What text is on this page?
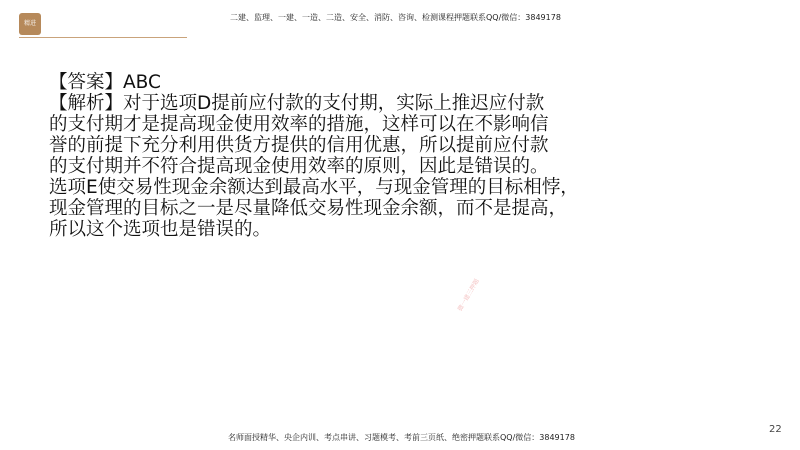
精进
二建、监理、一建、一造、二造、安全、消防、咨询、检测课程押题联系QQ/微信：3849178
【答案】ABC
【解析】对于选项D提前应付款的支付期，实际上推迟应付款
的支付期才是提高现金使用效率的措施，这样可以在不影响信
誉的前提下充分利用供货方提供的信用优惠，所以提前应付款
的支付期并不符合提高现金使用效率的原则，因此是错误的。
选项E使交易性现金余额达到最高水平，与现金管理的目标相悖，
现金管理的目标之一是尽量降低交易性现金余额，而不是提高，
所以这个选项也是错误的。
微一建三押题
名师面授精华、央企内训、考点串讲、习题模考、考前三页纸、绝密押题联系QQ/微信：3849178
22
